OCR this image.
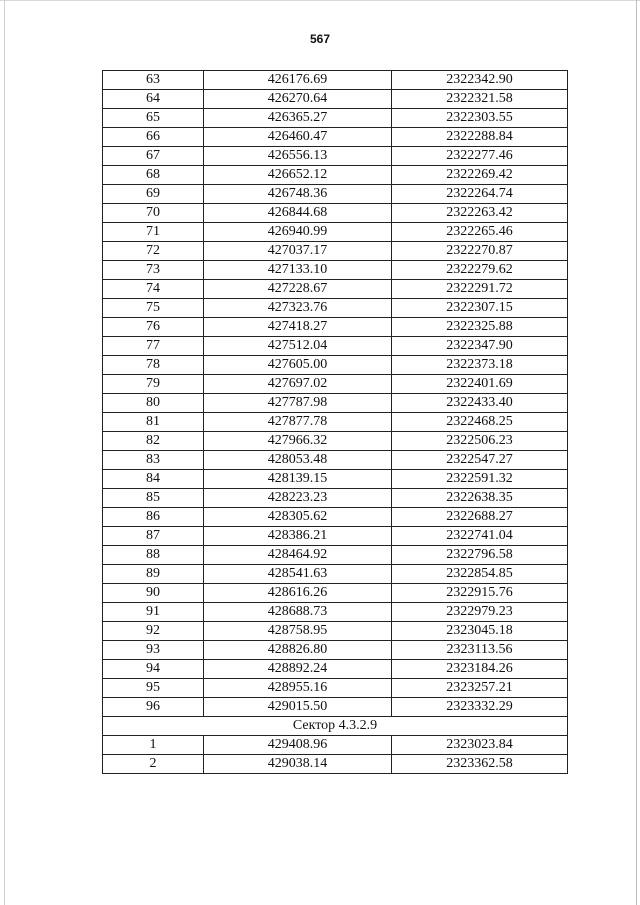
567
63	426176.69	2322342.90
64	426270.64	2322321.58
65	426365.27	2322303.55
66	426460.47	2322288.84
67	426556.13	2322277.46
68	426652.12	2322269.42
69	426748.36	2322264.74
70	426844.68	2322263.42
71	426940.99	2322265.46
72	427037.17	2322270.87
73	427133.10	2322279.62
74	427228.67	2322291.72
75	427323.76	2322307.15
76	427418.27	2322325.88
77	427512.04	2322347.90
78	427605.00	2322373.18
79	427697.02	2322401.69
80	427787.98	2322433.40
81	427877.78	2322468.25
82	427966.32	2322506.23
83	428053.48	2322547.27
84	428139.15	2322591.32
85	428223.23	2322638.35
86	428305.62	2322688.27
87	428386.21	2322741.04
88	428464.92	2322796.58
89	428541.63	2322854.85
90	428616.26	2322915.76
91	428688.73	2322979.23
92	428758.95	2323045.18
93	428826.80	2323113.56
94	428892.24	2323184.26
95	428955.16	2323257.21
96	429015.50	2323332.29
Сектор 4.3.2.9		
1	429408.96	2323023.84
2	429038.14	2323362.58
